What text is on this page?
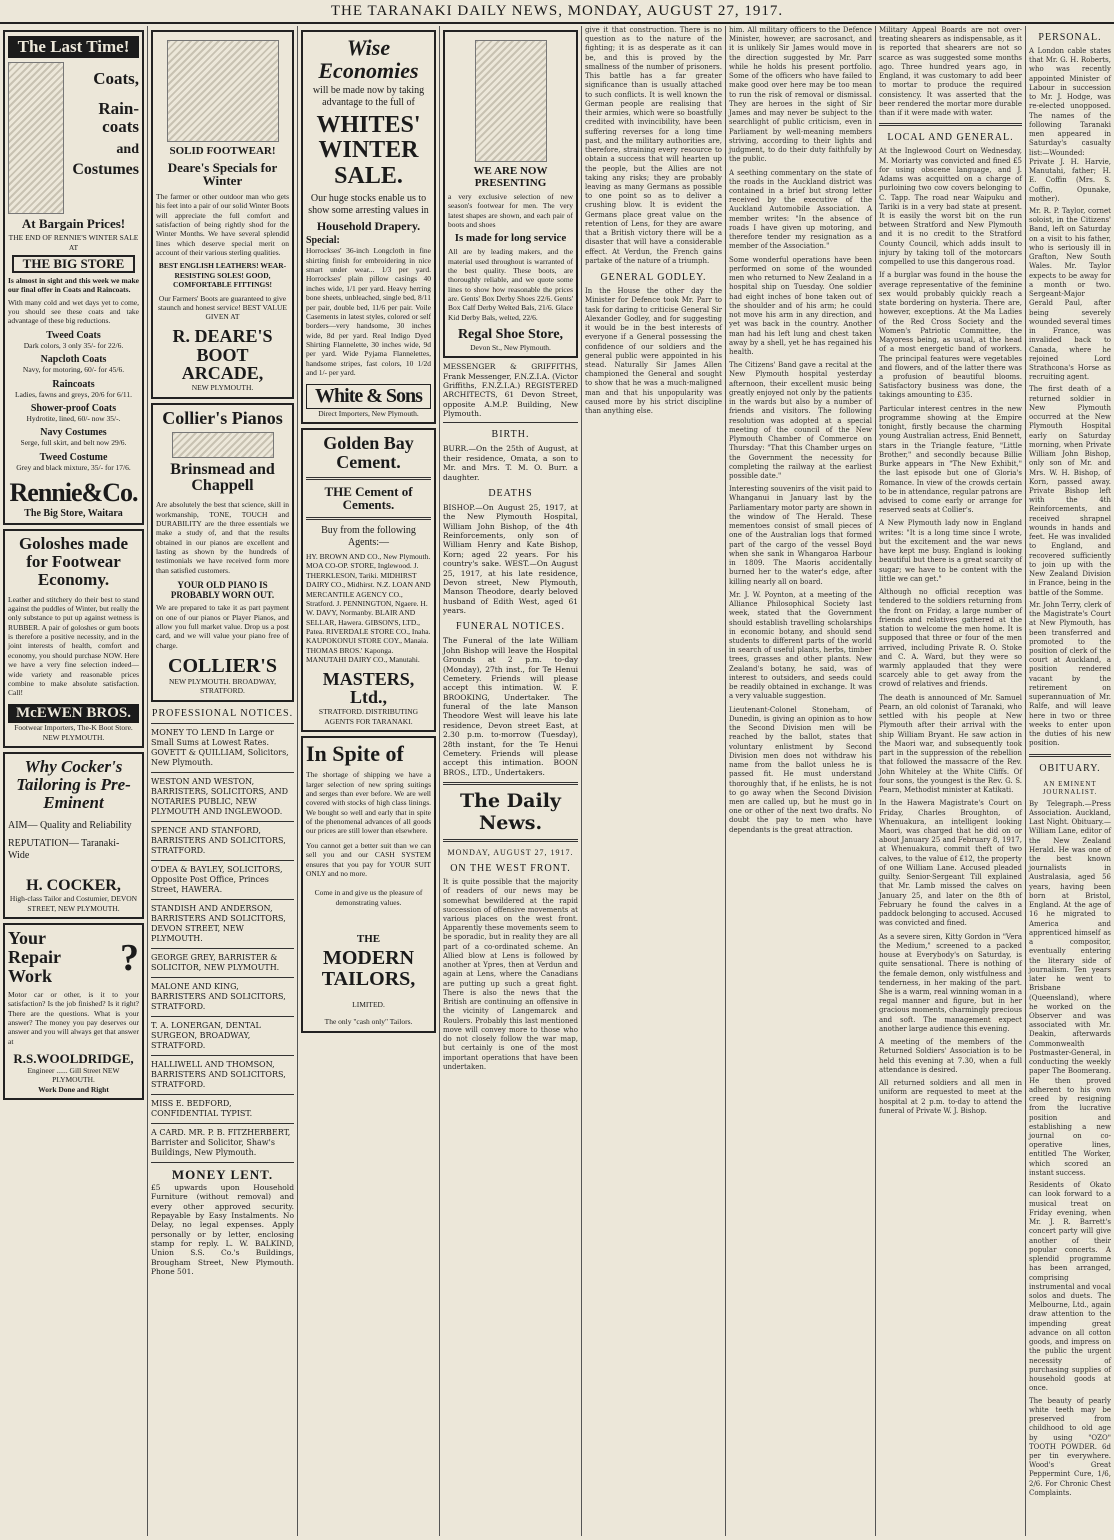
THE TARANAKI DAILY NEWS, MONDAY, AUGUST 27, 1917.
The Last Time!
Coats,
Rain-coats
and
Costumes
At Bargain Prices!
THE END OF RENNIE'S WINTER SALE AT
THE BIG STORE
Is almost in sight and this week we make our final offer in Coats and Raincoats.
With many cold and wet days yet to come, you should see these coats and take advantage of these big reductions.
Tweed Coats
Dark colors, 3 only 35/- for 22/6.
Napcloth Coats
Navy, for motoring, 60/- for 45/6.
Raincoats
Ladies, fawns and greys, 20/6 for 6/11.
Shower-proof Coats
Hydrotite, lined, 60/- now 35/-.
Navy Costumes
Serge, full skirt, and belt now 29/6.
Tweed Costume
Grey and black mixture, 35/- for 17/6.
Rennie&Co.
The Big Store, Waitara
Goloshes made for Footwear Economy.
Leather and stitchery do their best to stand against the puddles of Winter, but really the only substance to put up against wetness is RUBBER. A pair of goloshes or gum boots is therefore a positive necessity, and in the joint interests of health, comfort and economy, you should purchase NOW. Here we have a very fine selection indeed—wide variety and reasonable prices combine to make absolute satisfaction. Call!
McEWEN BROS.
Footwear Importers, The-K Boot Store. NEW PLYMOUTH.
Why Cocker's Tailoring is Pre-Eminent
AIM— Quality and Reliability
REPUTATION— Taranaki-Wide
H. COCKER,
High-class Tailor and Costumier, DEVON STREET, NEW PLYMOUTH.
Your Repair Work	?
Motor car or other, is it to your satisfaction? Is the job finished? Is it right? There are the questions. What is your answer? The money you pay deserves our answer and you will always get that answer at
R.S.WOOLDRIDGE,
Engineer ...... Gill Street NEW PLYMOUTH.
Work Done and Right
SOLID FOOTWEAR!
Deare's Specials for Winter
The farmer or other outdoor man who gets his feet into a pair of our solid Winter Boots will appreciate the full comfort and satisfaction of being rightly shod for the Winter Months. We have several splendid lines which deserve special merit on account of their various sterling qualities.
BEST ENGLISH LEATHERS! WEAR-RESISTING SOLES! GOOD, COMFORTABLE FITTINGS!
Our Farmers' Boots are guaranteed to give staunch and honest service! BEST VALUE GIVEN AT
R. DEARE'S BOOT ARCADE,
NEW PLYMOUTH.
Collier's Pianos
Brinsmead and Chappell
Are absolutely the best that science, skill in workmanship, TONE, TOUCH and DURABILITY are the three essentials we make a study of, and that the results obtained in our pianos are excellent and lasting as shown by the hundreds of testimonials we have received form more than satisfied customers.
YOUR OLD PIANO IS PROBABLY WORN OUT.
We are prepared to take it as part payment on one of our pianos or Player Pianos, and allow you full market value. Drop us a post card, and we will value your piano free of charge.
COLLIER'S
NEW PLYMOUTH. BROADWAY, STRATFORD.
PROFESSIONAL NOTICES.
MONEY TO LEND In Large or Small Sums at Lowest Rates. GOVETT & QUILLIAM, Solicitors, New Plymouth.
WESTON AND WESTON, BARRISTERS, SOLICITORS, AND NOTARIES PUBLIC, NEW PLYMOUTH AND INGLEWOOD.
SPENCE AND STANFORD, BARRISTERS AND SOLICITORS, STRATFORD.
O'DEA & BAYLEY, SOLICITORS, Opposite Post Office, Princes Street, HAWERA.
STANDISH AND ANDERSON, BARRISTERS AND SOLICITORS, DEVON STREET, NEW PLYMOUTH.
GEORGE GREY, BARRISTER & SOLICITOR, NEW PLYMOUTH.
MALONE AND KING, BARRISTERS AND SOLICITORS, STRATFORD.
T. A. LONERGAN, DENTAL SURGEON, BROADWAY, STRATFORD.
HALLIWELL AND THOMSON, BARRISTERS AND SOLICITORS, STRATFORD.
MISS E. BEDFORD, CONFIDENTIAL TYPIST.
A CARD. MR. P. B. FITZHERBERT, Barrister and Solicitor, Shaw's Buildings, New Plymouth.
MONEY LENT.
£5 upwards upon Household Furniture (without removal) and every other approved security. Repayable by Easy Instalments. No Delay, no legal expenses. Apply personally or by letter, enclosing stamp for reply. L. W. BALKIND, Union S.S. Co.'s Buildings, Brougham Street, New Plymouth. Phone 501.
Wise Economies
will be made now by taking advantage to the full of
WHITES' WINTER SALE.
Our huge stocks enable us to show some arresting values in
Household Drapery.
Special:
Horrockses' 36-inch Longcloth in fine shirting finish for embroidering in nice smart under wear... 1/3 per yard. Horrockses' plain pillow casings 40 inches wide, 1/1 per yard. Heavy herring bone sheets, unbleached, single bed, 8/11 per pair, double bed, 11/6 per pair. Voile Casements in latest styles, colored or self borders—very handsome, 30 inches wide, 8d per yard. Real Indigo Dyed Shirting Flannelette, 30 inches wide, 9d per yard. Wide Pyjama Flannelettes, handsome stripes, fast colors, 10 1/2d and 1/- per yard.
White & Sons
Direct Importers, New Plymouth.
Golden Bay Cement.
THE Cement of Cements.
Buy from the following Agents:—
HY. BROWN AND CO., New Plymouth. MOA CO-OP. STORE, Inglewood. J. THERKLESON, Tariki. MIDHIRST DAIRY CO., Midhirst. N.Z. LOAN AND MERCANTILE AGENCY CO., Stratford. J. PENNINGTON, Ngaere. H. W. DAVY, Normanby. BLAIR AND SELLAR, Hawera. GIBSON'S, LTD., Patea. RIVERDALE STORE CO., Inaha. KAUPOKONUI STORE COY., Manaia. THOMAS BROS.' Kaponga. MANUTAHI DAIRY CO., Manutahi.
MASTERS, Ltd.,
STRATFORD. DISTRIBUTING AGENTS FOR TARANAKI.
In Spite of
The shortage of shipping we have a larger selection of new spring suitings and serges than ever before. We are well covered with stocks of high class linings. We bought so well and early that in spite of the phenomenal advances of all goods our prices are still lower than elsewhere.
You cannot get a better suit than we can sell you and our CASH SYSTEM ensures that you pay for YOUR SUIT ONLY and no more.
Come in and give us the pleasure of demonstrating values.
THE
MODERN TAILORS,
LIMITED.
The only "cash only" Tailors.
WE ARE NOW PRESENTING
a very exclusive selection of new season's footwear for men. The very latest shapes are shown, and each pair of boots and shoes
Is made for long service
All are by leading makers, and the material used throughout is warranted of the best quality. These boots, are thoroughly reliable, and we quote some lines to show how reasonable the prices are. Gents' Box Derby Shoes 22/6. Gents' Box Calf Derby Welted Bals, 21/6. Glace Kid Derby Bals, welted, 22/6.
Regal Shoe Store,
Devon St., New Plymouth.
MESSENGER & GRIFFITHS, Frank Messenger, F.N.Z.I.A. (Victor Griffiths, F.N.Z.I.A.) REGISTERED ARCHITECTS, 61 Devon Street, opposite A.M.P. Building, New Plymouth.
BIRTH.
BURR.—On the 25th of August, at their residence, Omata, a son to Mr. and Mrs. T. M. O. Burr. a daughter.
DEATHS
BISHOP.—On August 25, 1917, at the New Plymouth Hospital, William John Bishop, of the 4th Reinforcements, only son of William Henry and Kate Bishop, Korn; aged 22 years. For his country's sake. WEST.—On August 25, 1917, at his late residence, Devon street, New Plymouth, Manson Theodore, dearly beloved husband of Edith West, aged 61 years.
FUNERAL NOTICES.
The Funeral of the late William John Bishop will leave the Hospital Grounds at 2 p.m. to-day (Monday), 27th inst., for Te Henui Cemetery. Friends will please accept this intimation. W. F. BROOKING, Undertaker. The funeral of the late Manson Theodore West will leave his late residence, Devon street East, at 2.30 p.m. to-morrow (Tuesday), 28th instant, for the Te Henui Cemetery. Friends will please accept this intimation. BOON BROS., LTD., Undertakers.
The Daily News.
MONDAY, AUGUST 27, 1917.
ON THE WEST FRONT.
It is quite possible that the majority of readers of our news may be somewhat bewildered at the rapid succession of offensive movements at various places on the west front. Apparently these movements seem to be sporadic, but in reality they are all part of a co-ordinated scheme. An Allied blow at Lens is followed by another at Ypres, then at Verdun and again at Lens, where the Canadians are putting up such a great fight. There is also the news that the British are continuing an offensive in the vicinity of Langemarck and Roulers. Probably this last mentioned move will convey more to those who do not closely follow the war map, but certainly is one of the most important operations that have been undertaken.
give it that construction. There is no question as to the nature of the fighting; it is as desperate as it can be, and this is proved by the smallness of the number of prisoners. This battle has a far greater significance than is usually attached to such conflicts. It is well known the German people are realising that their armies, which were so boastfully credited with invincibility, have been suffering reverses for a long time past, and the military authorities are, therefore, straining every resource to obtain a success that will hearten up the people, but the Allies are not taking any risks; they are probably leaving as many Germans as possible to one point so as to deliver a crushing blow. It is evident the Germans place great value on the retention of Lens, for they are aware that a British victory there will be a disaster that will have a considerable effect. At Verdun, the French gains partake of the nature of a triumph.
GENERAL GODLEY.
In the House the other day the Minister for Defence took Mr. Parr to task for daring to criticise General Sir Alexander Godley, and for suggesting it would be in the best interests of everyone if a General possessing the confidence of our soldiers and the general public were appointed in his stead. Naturally Sir James Allen championed the General and sought to show that he was a much-maligned man and that his unpopularity was caused more by his strict discipline than anything else.
him. All military officers to the Defence Minister, however, are sacrosanct, and it is unlikely Sir James would move in the direction suggested by Mr. Parr while he holds his present portfolio. Some of the officers who have failed to make good over here may be too mean to run the risk of removal or dismissal. They are heroes in the sight of Sir James and may never be subject to the searchlight of public criticism, even in Parliament by well-meaning members striving, according to their lights and judgment, to do their duty faithfully by the public.
A seething commentary on the state of the roads in the Auckland district was contained in a brief but strong letter received by the executive of the Auckland Automobile Association. A member writes: "In the absence of roads I have given up motoring, and therefore tender my resignation as a member of the Association."
Some wonderful operations have been performed on some of the wounded men who returned to New Zealand in a hospital ship on Tuesday. One soldier had eight inches of bone taken out of the shoulder and of his arm; he could not move his arm in any direction, and yet was back in the country. Another man had his left lung and chest taken away by a shell, yet he has regained his health.
The Citizens' Band gave a recital at the New Plymouth hospital yesterday afternoon, their excellent music being greatly enjoyed not only by the patients in the wards but also by a number of friends and visitors. The following resolution was adopted at a special meeting of the council of the New Plymouth Chamber of Commerce on Thursday: "That this Chamber urges on the Government the necessity for completing the railway at the earliest possible date."
Interesting souvenirs of the visit paid to Whanganui in January last by the Parliamentary motor party are shown in the window of The Herald. These mementoes consist of small pieces of one of the Australian logs that formed part of the cargo of the vessel Boyd when she sank in Whangaroa Harbour in 1809. The Maoris accidentally burned her to the water's edge, after killing nearly all on board.
Mr. J. W. Poynton, at a meeting of the Alliance Philosophical Society last week, stated that the Government should establish travelling scholarships in economic botany, and should send students to different parts of the world in search of useful plants, herbs, timber trees, grasses and other plants. New Zealand's botany, he said, was of interest to outsiders, and seeds could be readily obtained in exchange. It was a very valuable suggestion.
Lieutenant-Colonel Stoneham, of Dunedin, is giving an opinion as to how the Second Division men will be reached by the ballot, states that voluntary enlistment by Second Division men does not withdraw his name from the ballot unless he is passed fit. He must understand thoroughly that, if he enlists, he is not to go away when the Second Division men are called up, but he must go in one or other of the next two drafts. No doubt the pay to men who have dependants is the great attraction.
Military Appeal Boards are not over-treating shearers as indispensable, as it is reported that shearers are not so scarce as was suggested some months ago. Three hundred years ago, in England, it was customary to add beer to mortar to produce the required consistency. It was asserted that the beer rendered the mortar more durable than if it were made with water.
LOCAL AND GENERAL.
At the Inglewood Court on Wednesday, M. Moriarty was convicted and fined £5 for using obscene language, and J. Adams was acquitted on a charge of purloining two cow covers belonging to C. Tapp. The road near Waipuku and Tariki is in a very bad state at present. It is easily the worst bit on the run between Stratford and New Plymouth and it is no credit to the Stratford County Council, which adds insult to injury by taking toll of the motorcars compelled to use this dangerous road.
If a burglar was found in the house the average representative of the feminine sex would probably quickly reach a state bordering on hysteria. There are, however, exceptions. At the Ma Ladies of the Red Cross Society and the Women's Patriotic Committee, the Mayoress being, as usual, at the head of a most energetic band of workers. The principal features were vegetables and flowers, and of the latter there was a profusion of beautiful blooms. Satisfactory business was done, the takings amounting to £35.
Particular interest centres in the new programme showing at the Empire tonight, firstly because the charming young Australian actress, Enid Bennett, stars in the Triangle feature, "Little Brother," and secondly because Billie Burke appears in "The New Exhibit," the last episode but one of Gloria's Romance. In view of the crowds certain to be in attendance, regular patrons are advised to come early or arrange for reserved seats at Collier's.
A New Plymouth lady now in England writes: "It is a long time since I wrote, but the excitement and the war news have kept me busy. England is looking beautiful but there is a great scarcity of sugar; we have to be content with the little we can get."
Although no official reception was tendered to the soldiers returning from the front on Friday, a large number of friends and relatives gathered at the station to welcome the men home. It is supposed that three or four of the men arrived, including Private R. O. Stoke and C. A. Ward, but they were so warmly applauded that they were scarcely able to get away from the crowd of relatives and friends.
The death is announced of Mr. Samuel Pearn, an old colonist of Taranaki, who settled with his people at New Plymouth after their arrival with the ship William Bryant. He saw action in the Maori war, and subsequently took part in the suppression of the rebellion that followed the massacre of the Rev. John Whiteley at the White Cliffs. Of four sons, the youngest is the Rev. G. S. Pearn, Methodist minister at Katikati.
In the Hawera Magistrate's Court on Friday, Charles Broughton, of Whenuakura, an intelligent looking Maori, was charged that he did on or about January 25 and February 8, 1917, at Whenuakura, commit theft of two calves, to the value of £12, the property of one William Lane. Accused pleaded guilty. Senior-Sergeant Till explained that Mr. Lamb missed the calves on January 25, and later on the 8th of February he found the calves in a paddock belonging to accused. Accused was convicted and fined.
As a severe siren, Kitty Gordon in "Vera the Medium," screened to a packed house at Everybody's on Saturday, is quite sensational. There is nothing of the female demon, only wistfulness and tenderness, in her making of the part. She is a warm, real winning woman in a regal manner and figure, but in her gracious moments, charmingly precious and soft. The management expect another large audience this evening.
A meeting of the members of the Returned Soldiers' Association is to be held this evening at 7.30, when a full attendance is desired.
All returned soldiers and all men in uniform are requested to meet at the hospital at 2 p.m. to-day to attend the funeral of Private W. J. Bishop.
PERSONAL.
A London cable states that Mr. G. H. Roberts, who was recently appointed Minister of Labour in succession to Mr. J. Hodge, was re-elected unopposed. The names of the following Taranaki men appeared in Saturday's casualty list:—Wounded: Private J. H. Harvie, Manutahi, father; H. E. Coffin (Mrs. S. Coffin, Opunake, mother).
Mr. R. P. Taylor, cornet soloist, in the Citizens' Band, left on Saturday on a visit to his father, who is seriously ill in Grafton, New South Wales. Mr. Taylor expects to be away for a month or two. Sergeant-Major Gerald Paul, after being severely wounded several times in France, was invalided back to Canada, where he rejoined Lord Strathcona's Horse as recruiting agent.
The first death of a returned soldier in New Plymouth occurred at the New Plymouth Hospital early on Saturday morning, when Private William John Bishop, only son of Mr. and Mrs. W. H. Bishop, of Korn, passed away. Private Bishop left with the 4th Reinforcements, and received shrapnel wounds in hands and feet. He was invalided to England, and recovered sufficiently to join up with the New Zealand Division in France, being in the battle of the Somme.
Mr. John Terry, clerk of the Magistrate's Court at New Plymouth, has been transferred and promoted to the position of clerk of the court at Auckland, a position rendered vacant by the retirement on superannuation of Mr. Ralfe, and will leave here in two or three weeks to enter upon the duties of his new position.
OBITUARY.
AN EMINENT JOURNALIST.
By Telegraph.—Press Association. Auckland, Last Night. Obituary.—William Lane, editor of the New Zealand Herald. He was one of the best known journalists in Australasia, aged 56 years, having been born at Bristol, England. At the age of 16 he migrated to America and apprenticed himself as a compositor, eventually entering the literary side of journalism. Ten years later he went to Brisbane (Queensland), where he worked on the Observer and was associated with Mr. Deakin, afterwards Commonwealth Postmaster-General, in conducting the weekly paper The Boomerang. He then proved adherent to his own creed by resigning from the lucrative position and establishing a new journal on co-operative lines, entitled The Worker, which scored an instant success.
Residents of Okato can look forward to a musical treat on Friday evening, when Mr. J. R. Barrett's concert party will give another of their popular concerts. A splendid programme has been arranged, comprising instrumental and vocal solos and duets. The Melbourne, Ltd., again draw attention to the impending great advance on all cotton goods, and impress on the public the urgent necessity of purchasing supplies of household goods at once.
The beauty of pearly white teeth may be preserved from childhood to old age by using "OZO" TOOTH POWDER. 6d per tin everywhere. Wood's Great Peppermint Cure, 1/6, 2/6. For Chronic Chest Complaints.
